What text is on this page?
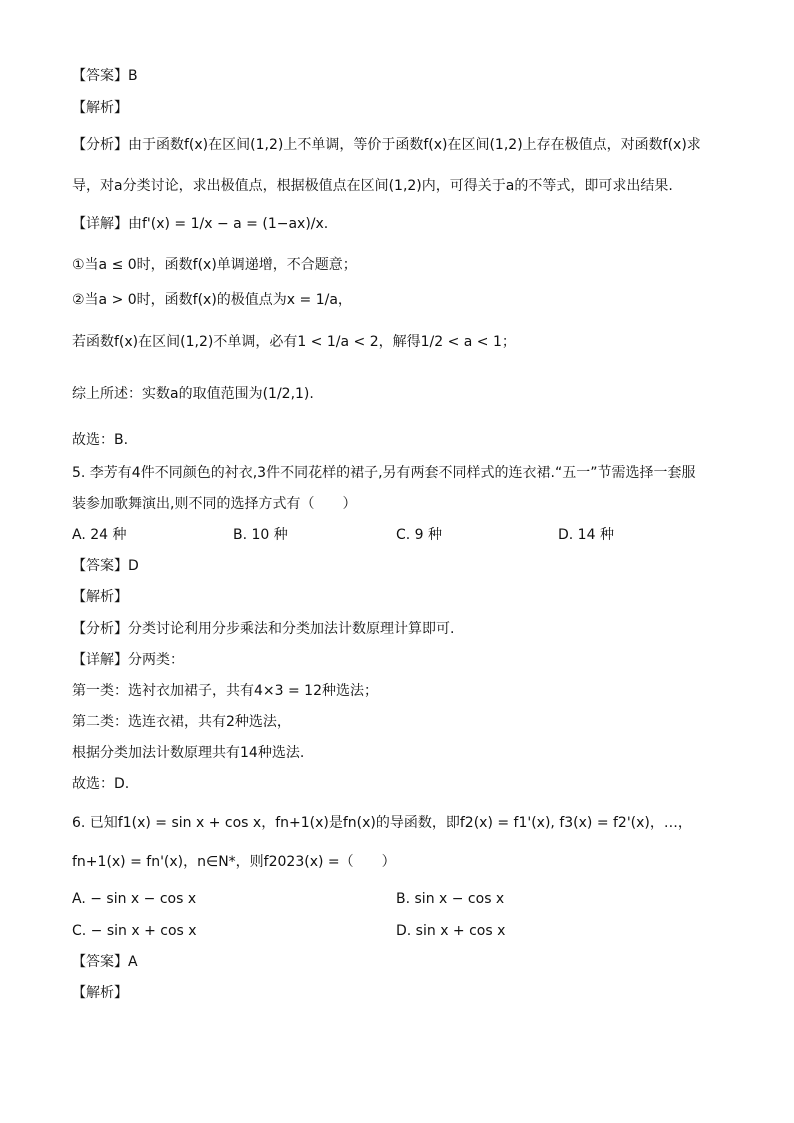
【答案】B
【解析】
【分析】由于函数f(x)在区间(1,2)上不单调，等价于函数f(x)在区间(1,2)上存在极值点，对函数f(x)求
导，对a分类讨论，求出极值点，根据极值点在区间(1,2)内，可得关于a的不等式，即可求出结果.
【详解】由f'(x) = 1/x − a = (1−ax)/x.
①当a ≤ 0时，函数f(x)单调递增，不合题意；
②当a > 0时，函数f(x)的极值点为x = 1/a，
若函数f(x)在区间(1,2)不单调，必有1 < 1/a < 2，解得1/2 < a < 1；
综上所述：实数a的取值范围为(1/2,1).
故选：B.
5. 李芳有4件不同颜色的衬衣,3件不同花样的裙子,另有两套不同样式的连衣裙.“五一”节需选择一套服
装参加歌舞演出,则不同的选择方式有（　　）
A. 24 种	B. 10 种	C. 9 种	D. 14 种
【答案】D
【解析】
【分析】分类讨论利用分步乘法和分类加法计数原理计算即可.
【详解】分两类：
第一类：选衬衣加裙子，共有4×3 = 12种选法；
第二类：选连衣裙，共有2种选法，
根据分类加法计数原理共有14种选法.
故选：D.
6. 已知f1(x) = sin x + cos x，fn+1(x)是fn(x)的导函数，即f2(x) = f1'(x), f3(x) = f2'(x)，…，
fn+1(x) = fn'(x)，n∈N*，则f2023(x) =（　　）
A. − sin x − cos x	B. sin x − cos x
C. − sin x + cos x	D. sin x + cos x
【答案】A
【解析】
